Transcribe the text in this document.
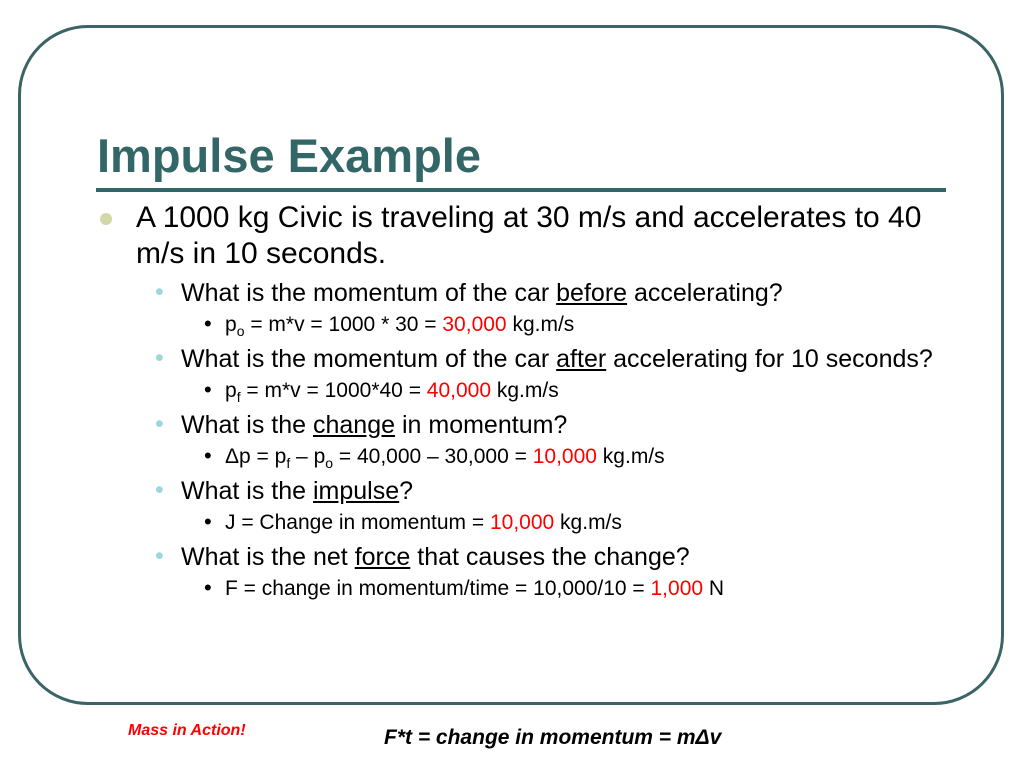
Impulse Example
A 1000 kg Civic is traveling at 30 m/s and accelerates to 40 m/s in 10 seconds.
• What is the momentum of the car before accelerating?
• $p_o = m*v = 1000 * 30 = 30,000$ kg.m/s
• What is the momentum of the car after accelerating for 10 seconds?
• $p_f = m*v = 1000*40 = 40,000$ kg.m/s
• What is the change in momentum?
• $\Delta p = p_f - p_o = 40,000 - 30,000 = 10,000$ kg.m/s
• What is the impulse?
• J = Change in momentum = 10,000 kg.m/s
• What is the net force that causes the change?
• F = change in momentum/time = 10,000/10 = 1,000 N
Mass in Action!	F*t = change in momentum = mΔv
